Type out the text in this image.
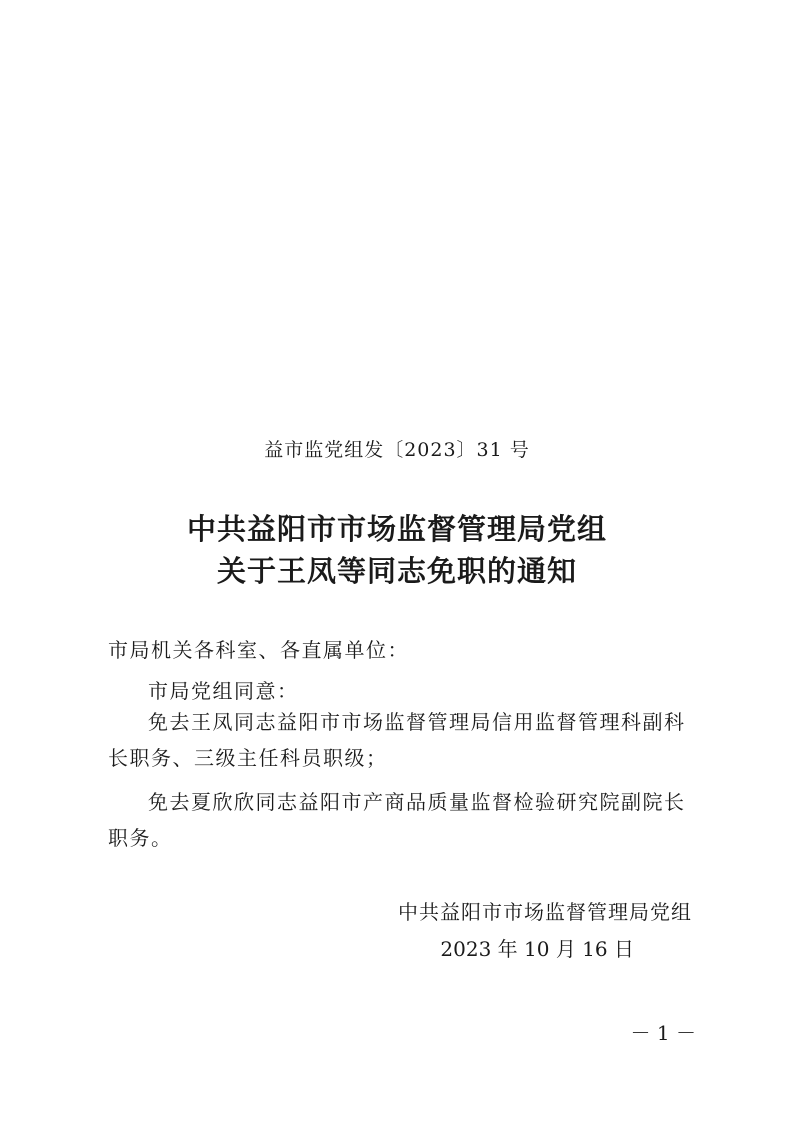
益市监党组发〔2023〕31 号
中共益阳市市场监督管理局党组
关于王凤等同志免职的通知
市局机关各科室、各直属单位：
市局党组同意：
免去王凤同志益阳市市场监督管理局信用监督管理科副科长职务、三级主任科员职级；
免去夏欣欣同志益阳市产商品质量监督检验研究院副院长职务。
中共益阳市市场监督管理局党组
2023 年 10 月 16 日
－ 1 －
